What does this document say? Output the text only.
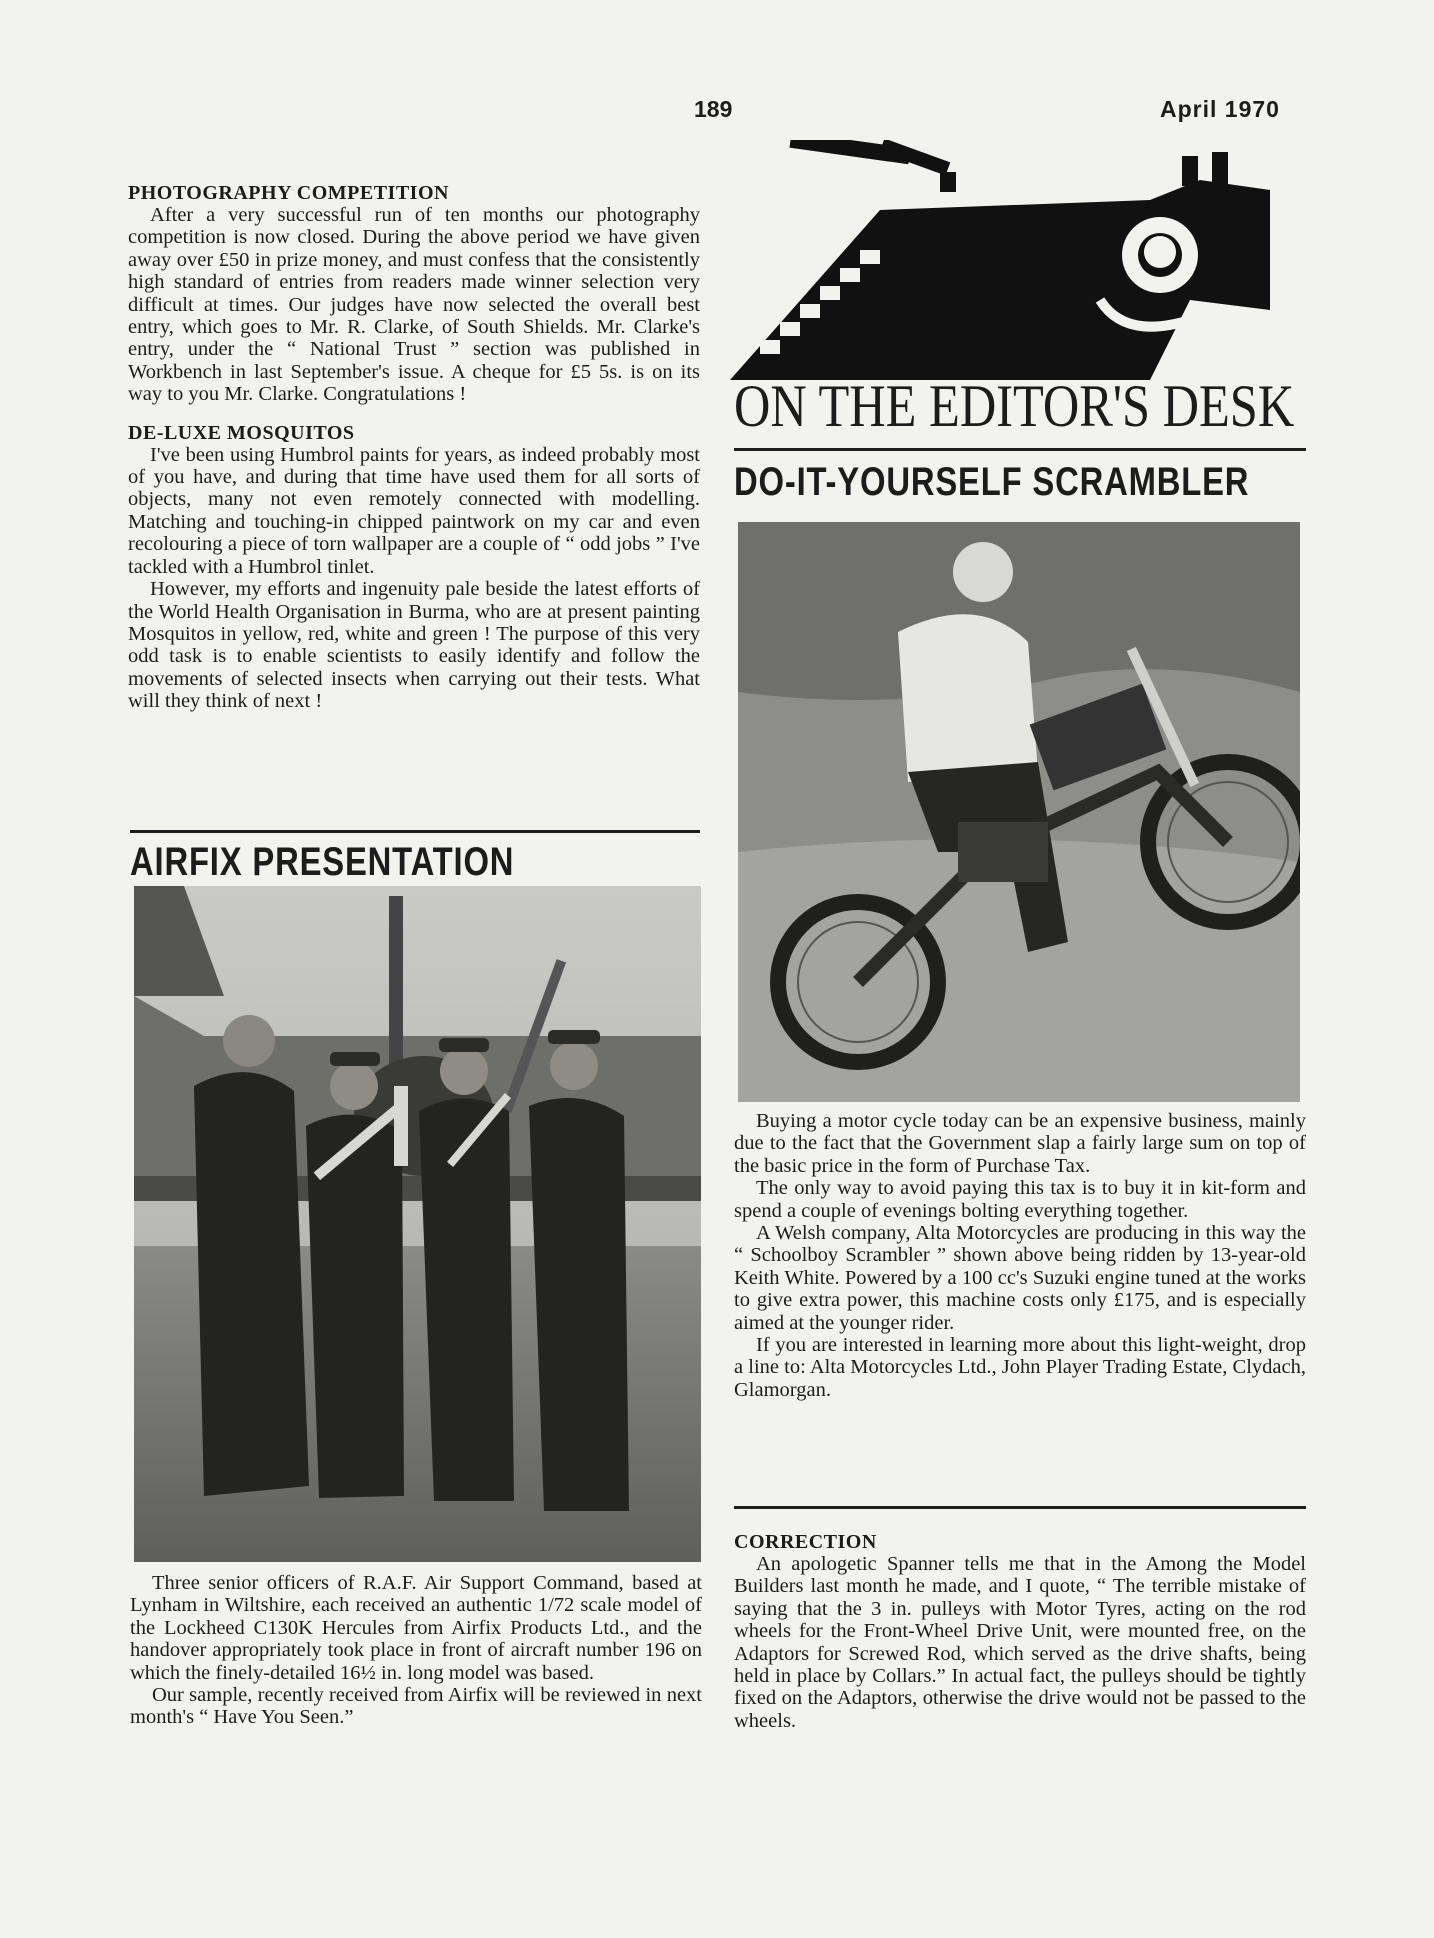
189	April 1970
PHOTOGRAPHY COMPETITION

After a very successful run of ten months our photography competition is now closed. During the above period we have given away over £50 in prize money, and must confess that the consistently high standard of entries from readers made winner selection very difficult at times. Our judges have now selected the overall best entry, which goes to Mr. R. Clarke, of South Shields. Mr. Clarke's entry, under the “ National Trust ” section was published in Workbench in last September's issue. A cheque for £5 5s. is on its way to you Mr. Clarke. Congratulations !

DE-LUXE MOSQUITOS

I've been using Humbrol paints for years, as indeed probably most of you have, and during that time have used them for all sorts of objects, many not even remotely connected with modelling. Matching and touching-in chipped paintwork on my car and even recolouring a piece of torn wallpaper are a couple of “ odd jobs ” I've tackled with a Humbrol tinlet.

However, my efforts and ingenuity pale beside the latest efforts of the World Health Organisation in Burma, who are at present painting Mosquitos in yellow, red, white and green ! The purpose of this very odd task is to enable scientists to easily identify and follow the movements of selected insects when carrying out their tests. What will they think of next !

AIRFIX PRESENTATION

Three senior officers of R.A.F. Air Support Command, based at Lynham in Wiltshire, each received an authentic 1/72 scale model of the Lockheed C130K Hercules from Airfix Products Ltd., and the handover appropriately took place in front of aircraft number 196 on which the finely-detailed 16½ in. long model was based.

Our sample, recently received from Airfix will be reviewed in next month's “ Have You Seen.”

ON THE EDITOR'S DESK
DO-IT-YOURSELF SCRAMBLER

Buying a motor cycle today can be an expensive business, mainly due to the fact that the Government slap a fairly large sum on top of the basic price in the form of Purchase Tax.

The only way to avoid paying this tax is to buy it in kit-form and spend a couple of evenings bolting everything together.

A Welsh company, Alta Motorcycles are producing in this way the “ Schoolboy Scrambler ” shown above being ridden by 13-year-old Keith White. Powered by a 100 cc's Suzuki engine tuned at the works to give extra power, this machine costs only £175, and is especially aimed at the younger rider.

If you are interested in learning more about this light-weight, drop a line to: Alta Motorcycles Ltd., John Player Trading Estate, Clydach, Glamorgan.

CORRECTION

An apologetic Spanner tells me that in the Among the Model Builders last month he made, and I quote, “ The terrible mistake of saying that the 3 in. pulleys with Motor Tyres, acting on the rod wheels for the Front-Wheel Drive Unit, were mounted free, on the Adaptors for Screwed Rod, which served as the drive shafts, being held in place by Collars.” In actual fact, the pulleys should be tightly fixed on the Adaptors, otherwise the drive would not be passed to the wheels.
